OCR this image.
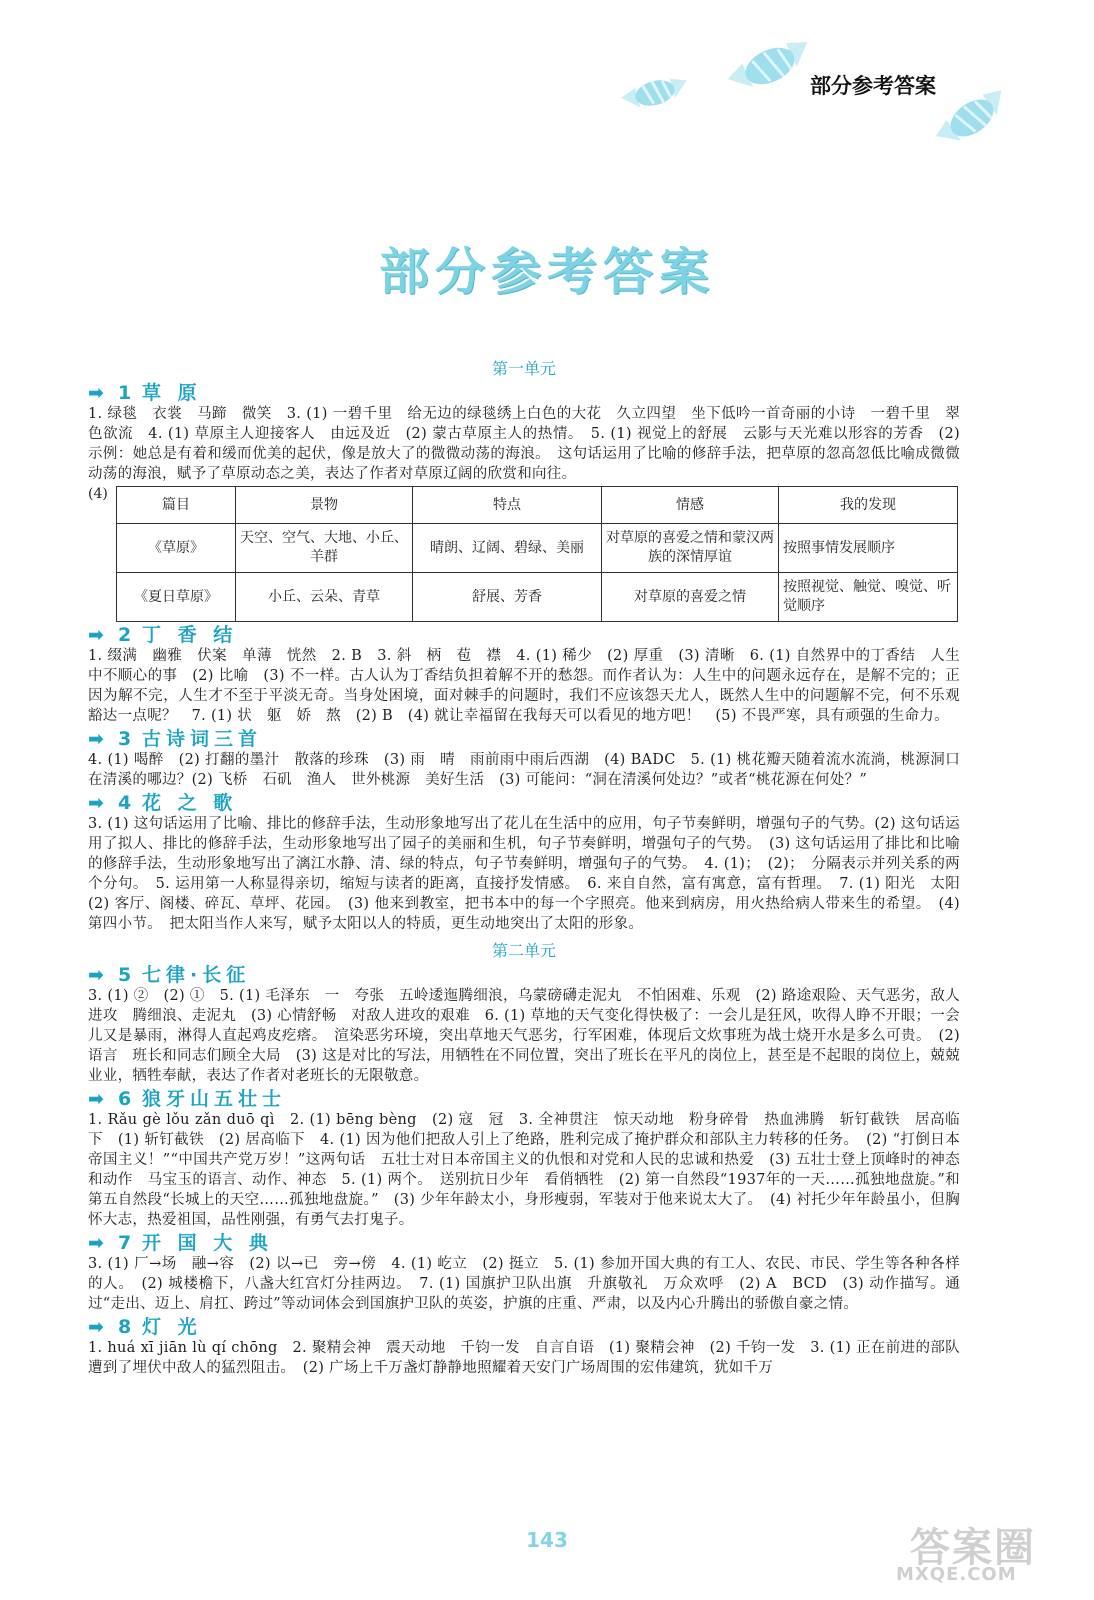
部分参考答案
部分参考答案
第一单元
➡ 1 草 原

1. 绿毯　衣裳　马蹄　微笑　3. (1) 一碧千里　给无边的绿毯绣上白色的大花　久立四望　坐下低吟一首奇丽的小诗　一碧千里　翠色欲流　4. (1) 草原主人迎接客人　由远及近　(2) 蒙古草原主人的热情。　5. (1) 视觉上的舒展　云影与天光难以形容的芳香　(2) 示例：她总是有着和缓而优美的起伏，像是放大了的微微动荡的海浪。　这句话运用了比喻的修辞手法，把草原的忽高忽低比喻成微微动荡的海浪，赋予了草原动态之美，表达了作者对草原辽阔的欣赏和向往。

(4)
篇目	景物	特点	情感	我的发现
《草原》	天空、空气、大地、小丘、羊群	晴朗、辽阔、碧绿、美丽	对草原的喜爱之情和蒙汉两族的深情厚谊	按照事情发展顺序
《夏日草原》	小丘、云朵、青草	舒展、芳香	对草原的喜爱之情	按照视觉、触觉、嗅觉、听觉顺序
➡ 2 丁 香 结

1. 缀满　幽雅　伏案　单薄　恍然　2. B　3. 斜　柄　苞　襟　4. (1) 稀少　(2) 厚重　(3) 清晰　6. (1) 自然界中的丁香结　人生中不顺心的事　(2) 比喻　(3) 不一样。古人认为丁香结负担着解不开的愁怨。而作者认为：人生中的问题永远存在，是解不完的；正因为解不完，人生才不至于平淡无奇。当身处困境，面对棘手的问题时，我们不应该怨天尤人，既然人生中的问题解不完，何不乐观豁达一点呢？　7. (1) 状　躯　娇　熬　(2) B　(4) 就让幸福留在我每天可以看见的地方吧！　(5) 不畏严寒，具有顽强的生命力。

➡ 3 古诗词三首

4. (1) 喝醉　(2) 打翻的墨汁　散落的珍珠　(3) 雨　晴　雨前雨中雨后西湖　(4) BADC　5. (1) 桃花瓣天随着流水流淌，桃源洞口在清溪的哪边？(2) 飞桥　石矶　渔人　世外桃源　美好生活　(3) 可能问：“洞在清溪何处边？”或者“桃花源在何处？”

➡ 4 花 之 歌

3. (1) 这句话运用了比喻、排比的修辞手法，生动形象地写出了花儿在生活中的应用，句子节奏鲜明，增强句子的气势。(2) 这句话运用了拟人、排比的修辞手法，生动形象地写出了园子的美丽和生机，句子节奏鲜明，增强句子的气势。　(3) 这句话运用了排比和比喻的修辞手法，生动形象地写出了漓江水静、清、绿的特点，句子节奏鲜明，增强句子的气势。　4. (1)；　(2)；　分隔表示并列关系的两个分句。　5. 运用第一人称显得亲切，缩短与读者的距离，直接抒发情感。　6. 来自自然，富有寓意，富有哲理。　7. (1) 阳光　太阳　(2) 客厅、阁楼、碎瓦、草坪、花园。　(3) 他来到教室，把书本中的每一个字照亮。他来到病房，用火热给病人带来生的希望。　(4) 第四小节。　把太阳当作人来写，赋予太阳以人的特质，更生动地突出了太阳的形象。

第二单元
➡ 5 七律·长征

3. (1) ②　(2) ①　5. (1) 毛泽东　一　夸张　五岭逶迤腾细浪，乌蒙磅礴走泥丸　不怕困难、乐观　(2) 路途艰险、天气恶劣，敌人进攻　腾细浪、走泥丸　(3) 心情舒畅　对敌人进攻的艰难　6. (1) 草地的天气变化得快极了：一会儿是狂风，吹得人睁不开眼；一会儿又是暴雨，淋得人直起鸡皮疙瘩。　渲染恶劣环境，突出草地天气恶劣，行军困难，体现后文炊事班为战士烧开水是多么可贵。　(2) 语言　班长和同志们顾全大局　(3) 这是对比的写法，用牺牲在不同位置，突出了班长在平凡的岗位上，甚至是不起眼的岗位上，兢兢业业，牺牲奉献，表达了作者对老班长的无限敬意。

➡ 6 狼牙山五壮士

1. Rǎu gè lǒu zǎn duō qì　2. (1) bēng bèng　(2) 寇　冠　3. 全神贯注　惊天动地　粉身碎骨　热血沸腾　斩钉截铁　居高临下　(1) 斩钉截铁　(2) 居高临下　4. (1) 因为他们把敌人引上了绝路，胜利完成了掩护群众和部队主力转移的任务。　(2) “打倒日本帝国主义！”“中国共产党万岁！”这两句话　五壮士对日本帝国主义的仇恨和对党和人民的忠诚和热爱　(3) 五壮士登上顶峰时的神态和动作　马宝玉的语言、动作、神态　5. (1) 两个。　送别抗日少年　看俏牺牲　(2) 第一自然段“1937年的一天……孤独地盘旋。”和第五自然段“长城上的天空……孤独地盘旋。”　(3) 少年年龄太小，身形瘦弱，军装对于他来说太大了。　(4) 衬托少年年龄虽小，但胸怀大志，热爱祖国，品性刚强，有勇气去打鬼子。

➡ 7 开 国 大 典

3. (1) 厂→场　融→容　(2) 以→已　旁→傍　4. (1) 屹立　(2) 挺立　5. (1) 参加开国大典的有工人、农民、市民、学生等各种各样的人。　(2) 城楼檐下，八盏大红宫灯分挂两边。　7. (1) 国旗护卫队出旗　升旗敬礼　万众欢呼　(2) A　BCD　(3) 动作描写。通过“走出、迈上、肩扛、跨过”等动词体会到国旗护卫队的英姿，护旗的庄重、严肃，以及内心升腾出的骄傲自豪之情。

➡ 8 灯 光

1. huá xī jiān lù qí chōng　2. 聚精会神　震天动地　千钧一发　自言自语　(1) 聚精会神　(2) 千钧一发　3. (1) 正在前进的部队遭到了埋伏中敌人的猛烈阻击。　(2) 广场上千万盏灯静静地照耀着天安门广场周围的宏伟建筑，犹如千万

143	答案圈
MXQE.COM
